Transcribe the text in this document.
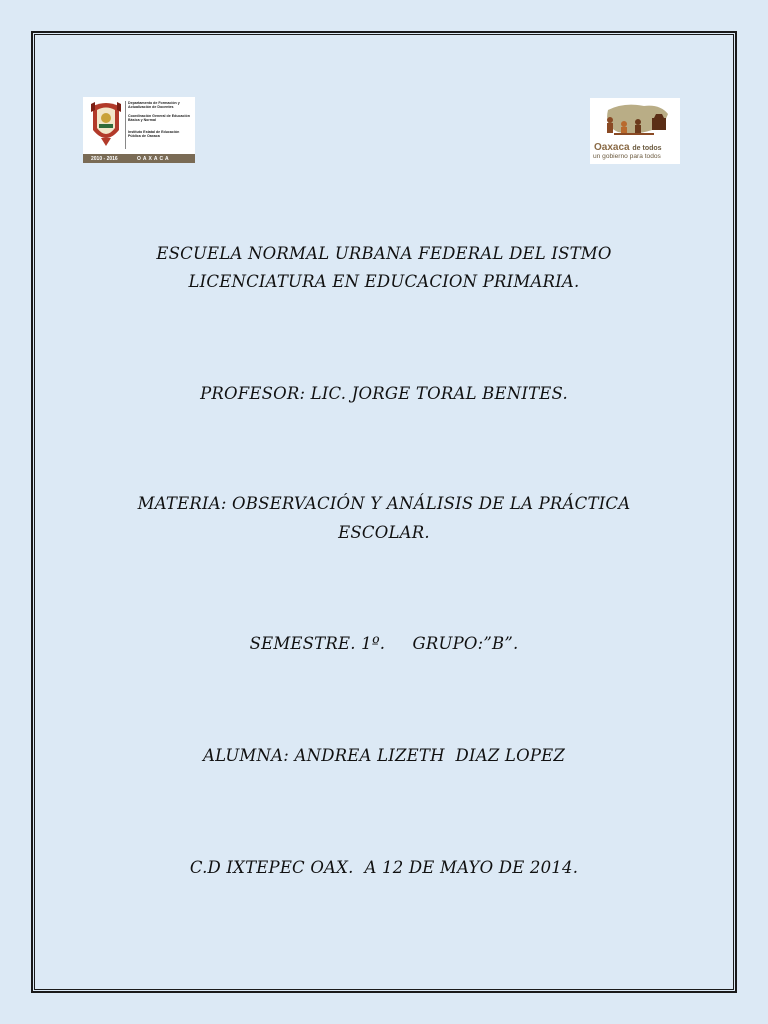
Departamento de Formación y Actualización de Docentes
Coordinación General de Educación Básica y Normal
Instituto Estatal de Educación Pública de Oaxaca
2010 - 2016	OAXACA
Oaxaca de todos
un gobierno para todos
ESCUELA NORMAL URBANA FEDERAL DEL ISTMO
LICENCIATURA EN EDUCACION PRIMARIA.
PROFESOR: LIC. JORGE TORAL BENITES.
MATERIA: OBSERVACIÓN Y ANÁLISIS DE LA PRÁCTICA
ESCOLAR.
SEMESTRE. 1º.     GRUPO:”B”.
ALUMNA: ANDREA LIZETH  DIAZ LOPEZ
C.D IXTEPEC OAX.  A 12 DE MAYO DE 2014.
